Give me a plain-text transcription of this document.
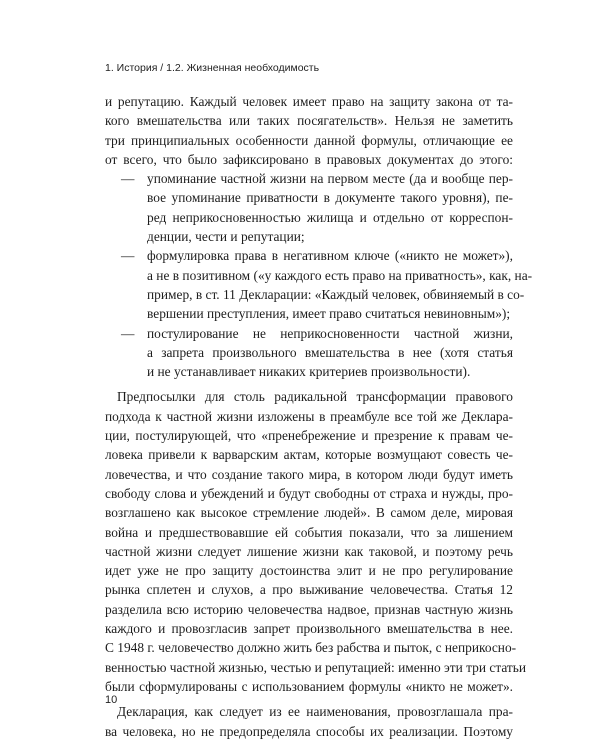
1. История / 1.2. Жизненная необходимость
и репутацию. Каждый человек имеет право на защиту закона от та-
кого вмешательства или таких посягательств». Нельзя не заметить
три принципиальных особенности данной формулы, отличающие ее
от всего, что было зафиксировано в правовых документах до этого:
— упоминание частной жизни на первом месте (да и вообще пер-
вое упоминание приватности в документе такого уровня), пе-
ред неприкосновенностью жилища и отдельно от корреспон-
денции, чести и репутации;
— формулировка права в негативном ключе («никто не может»),
а не в позитивном («у каждого есть право на приватность», как, на-
пример, в ст. 11 Декларации: «Каждый человек, обвиняемый в со-
вершении преступления, имеет право считаться невиновным»);
— постулирование не неприкосновенности частной жизни,
а запрета произвольного вмешательства в нее (хотя статья
и не устанавливает никаких критериев произвольности).
Предпосылки для столь радикальной трансформации правового
подхода к частной жизни изложены в преамбуле все той же Деклара-
ции, постулирующей, что «пренебрежение и презрение к правам че-
ловека привели к варварским актам, которые возмущают совесть че-
ловечества, и что создание такого мира, в котором люди будут иметь
свободу слова и убеждений и будут свободны от страха и нужды, про-
возглашено как высокое стремление людей». В самом деле, мировая
война и предшествовавшие ей события показали, что за лишением
частной жизни следует лишение жизни как таковой, и поэтому речь
идет уже не про защиту достоинства элит и не про регулирование
рынка сплетен и слухов, а про выживание человечества. Статья 12
разделила всю историю человечества надвое, признав частную жизнь
каждого и провозгласив запрет произвольного вмешательства в нее.
С 1948 г. человечество должно жить без рабства и пыток, с неприкосно-
венностью частной жизнью, честью и репутацией: именно эти три статьи
были сформулированы с использованием формулы «никто не может».
Декларация, как следует из ее наименования, провозглашала пра-
ва человека, но не предопределяла способы их реализации. Поэтому
10
